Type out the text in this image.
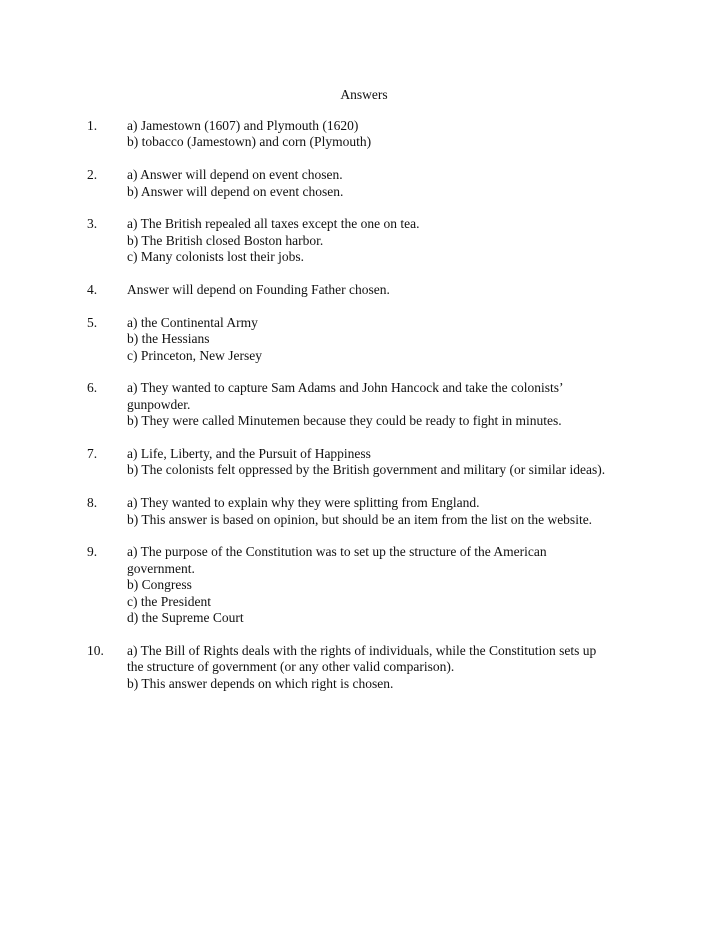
Answers
1.	a) Jamestown (1607) and Plymouth (1620)
b) tobacco (Jamestown) and corn (Plymouth)
2.	a) Answer will depend on event chosen.
b) Answer will depend on event chosen.
3.	a) The British repealed all taxes except the one on tea.
b) The British closed Boston harbor.
c) Many colonists lost their jobs.
4.	Answer will depend on Founding Father chosen.
5.	a) the Continental Army
b) the Hessians
c) Princeton, New Jersey
6.	a) They wanted to capture Sam Adams and John Hancock and take the colonists’
gunpowder.
b) They were called Minutemen because they could be ready to fight in minutes.
7.	a) Life, Liberty, and the Pursuit of Happiness
b) The colonists felt oppressed by the British government and military (or similar ideas).
8.	a) They wanted to explain why they were splitting from England.
b) This answer is based on opinion, but should be an item from the list on the website.
9.	a) The purpose of the Constitution was to set up the structure of the American
government.
b) Congress
c) the President
d) the Supreme Court
10.	a) The Bill of Rights deals with the rights of individuals, while the Constitution sets up
the structure of government (or any other valid comparison).
b) This answer depends on which right is chosen.
